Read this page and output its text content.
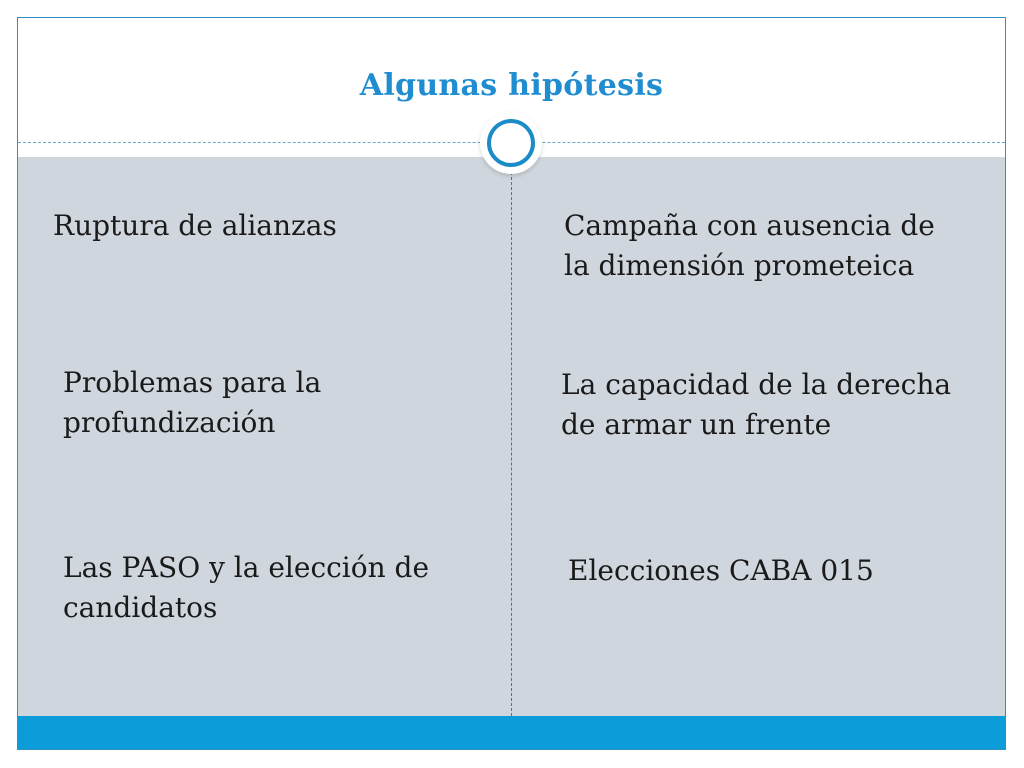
Algunas hipótesis
Ruptura de alianzas
Problemas para la
profundización
Las PASO y la elección de
candidatos
Campaña con ausencia de
la dimensión prometeica
La capacidad de la derecha
de armar un frente
Elecciones CABA 015
